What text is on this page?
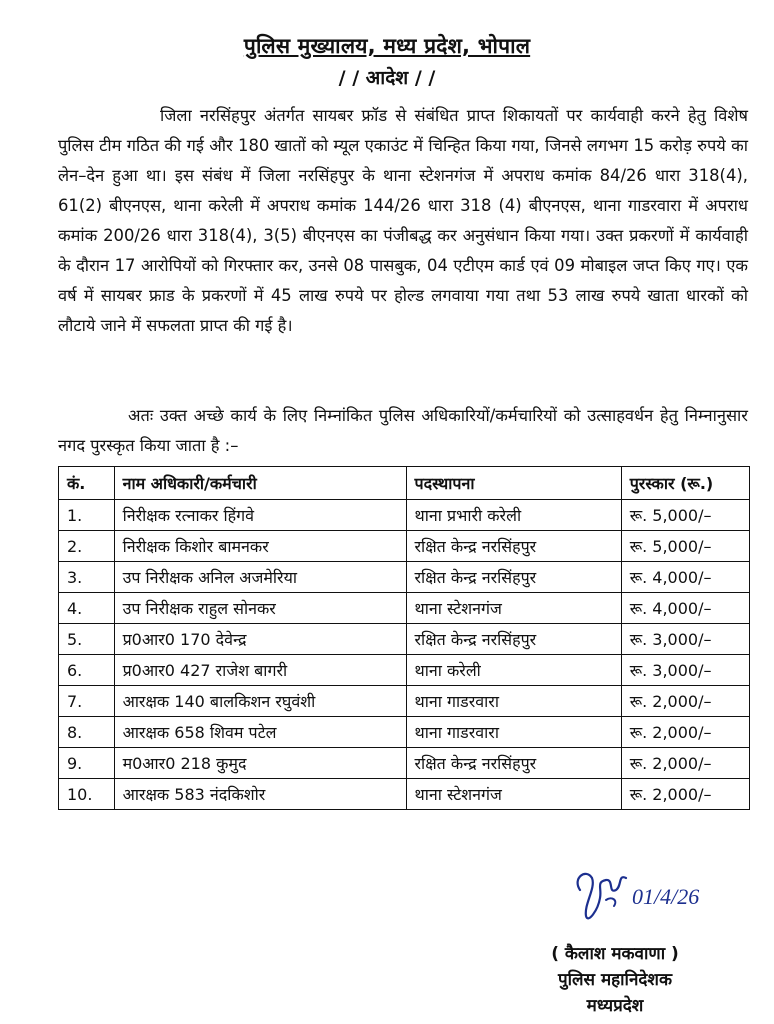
पुलिस मुख्यालय, मध्य प्रदेश, भोपाल
/ / आदेश / /

जिला नरसिंहपुर अंतर्गत सायबर फ्रॉड से संबंधित प्राप्त शिकायतों पर कार्यवाही करने हेतु विशेष पुलिस टीम गठित की गई और 180 खातों को म्यूल एकाउंट में चिन्हित किया गया, जिनसे लगभग 15 करोड़ रुपये का लेन–देन हुआ था। इस संबंध में जिला नरसिंहपुर के थाना स्टेशनगंज में अपराध कमांक 84/26 धारा 318(4), 61(2) बीएनएस, थाना करेली में अपराध कमांक 144/26 धारा 318 (4) बीएनएस, थाना गाडरवारा में अपराध कमांक 200/26 धारा 318(4), 3(5) बीएनएस का पंजीबद्ध कर अनुसंधान किया गया। उक्त प्रकरणों में कार्यवाही के दौरान 17 आरोपियों को गिरफ्तार कर, उनसे 08 पासबुक, 04 एटीएम कार्ड एवं 09 मोबाइल जप्त किए गए। एक वर्ष में सायबर फ्राड के प्रकरणों में 45 लाख रुपये पर होल्ड लगवाया गया तथा 53 लाख रुपये खाता धारकों को लौटाये जाने में सफलता प्राप्त की गई है।

अतः उक्त अच्छे कार्य के लिए निम्नांकित पुलिस अधिकारियों/कर्मचारियों को उत्साहवर्धन हेतु निम्नानुसार नगद पुरस्कृत किया जाता है :–

कं.	नाम अधिकारी/कर्मचारी	पदस्थापना	पुरस्कार (रू.)
1.	निरीक्षक रत्नाकर हिंगवे	थाना प्रभारी करेली	रू. 5,000/–
2.	निरीक्षक किशोर बामनकर	रक्षित केन्द्र नरसिंहपुर	रू. 5,000/–
3.	उप निरीक्षक अनिल अजमेरिया	रक्षित केन्द्र नरसिंहपुर	रू. 4,000/–
4.	उप निरीक्षक राहुल सोनकर	थाना स्टेशनगंज	रू. 4,000/–
5.	प्र0आर0 170 देवेन्द्र	रक्षित केन्द्र नरसिंहपुर	रू. 3,000/–
6.	प्र0आर0 427 राजेश बागरी	थाना करेली	रू. 3,000/–
7.	आरक्षक 140 बालकिशन रघुवंशी	थाना गाडरवारा	रू. 2,000/–
8.	आरक्षक 658 शिवम पटेल	थाना गाडरवारा	रू. 2,000/–
9.	म0आर0 218 कुमुद	रक्षित केन्द्र नरसिंहपुर	रू. 2,000/–
10.	आरक्षक 583 नंदकिशोर	थाना स्टेशनगंज	रू. 2,000/–
01/4/26
( कैलाश मकवाणा )
पुलिस महानिदेशक
मध्यप्रदेश
